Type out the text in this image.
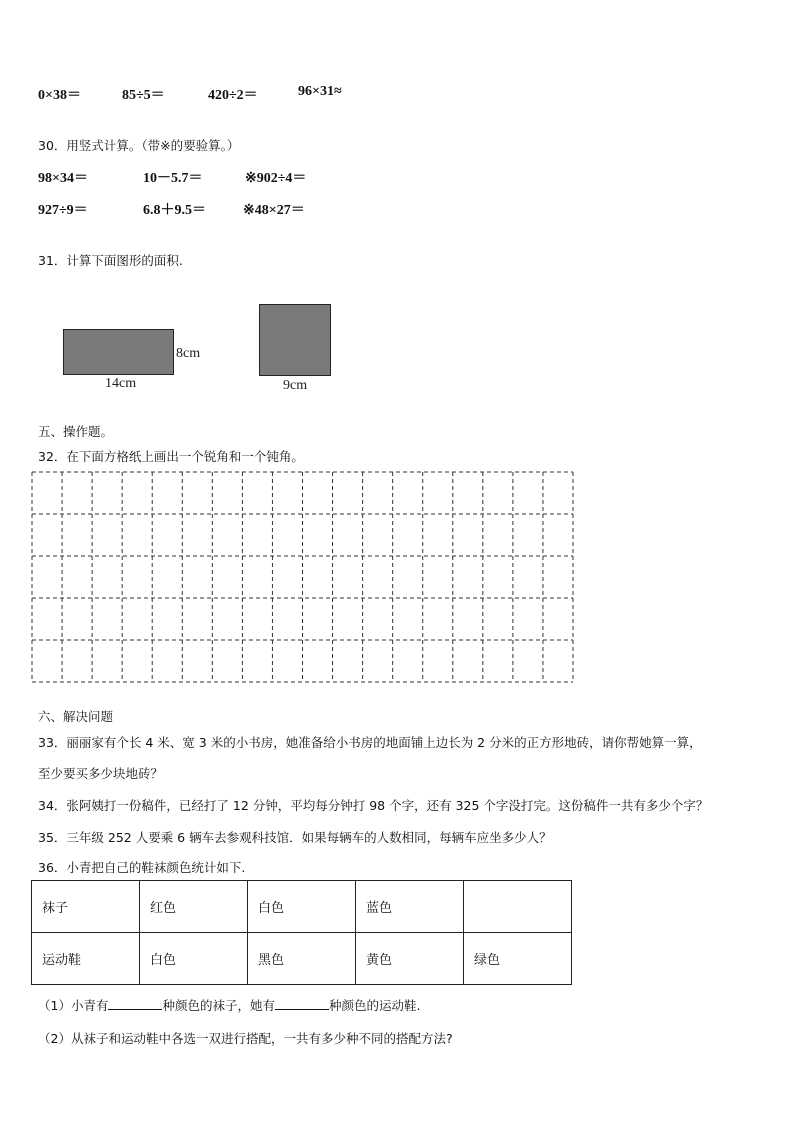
0×38＝	85÷5＝	420÷2＝	96×31≈
30．用竖式计算。（带※的要验算。）
98×34＝	10－5.7＝	※902÷4＝
927÷9＝	6.8＋9.5＝	※48×27＝
31．计算下面图形的面积.
8cm
14cm	9cm
五、操作题。
32．在下面方格纸上画出一个锐角和一个钝角。
六、解决问题
33．丽丽家有个长 4 米、宽 3 米的小书房，她准备给小书房的地面铺上边长为 2 分米的正方形地砖，请你帮她算一算，
至少要买多少块地砖？
34．张阿姨打一份稿件，已经打了 12 分钟，平均每分钟打 98 个字，还有 325 个字没打完。这份稿件一共有多少个字？
35．三年级 252 人要乘 6 辆车去参观科技馆．如果每辆车的人数相同，每辆车应坐多少人？
36．小青把自己的鞋袜颜色统计如下.
袜子	红色	白色	蓝色	
运动鞋	白色	黑色	黄色	绿色
（1）小青有	种颜色的袜子，她有	种颜色的运动鞋.
（2）从袜子和运动鞋中各选一双进行搭配，一共有多少种不同的搭配方法?
